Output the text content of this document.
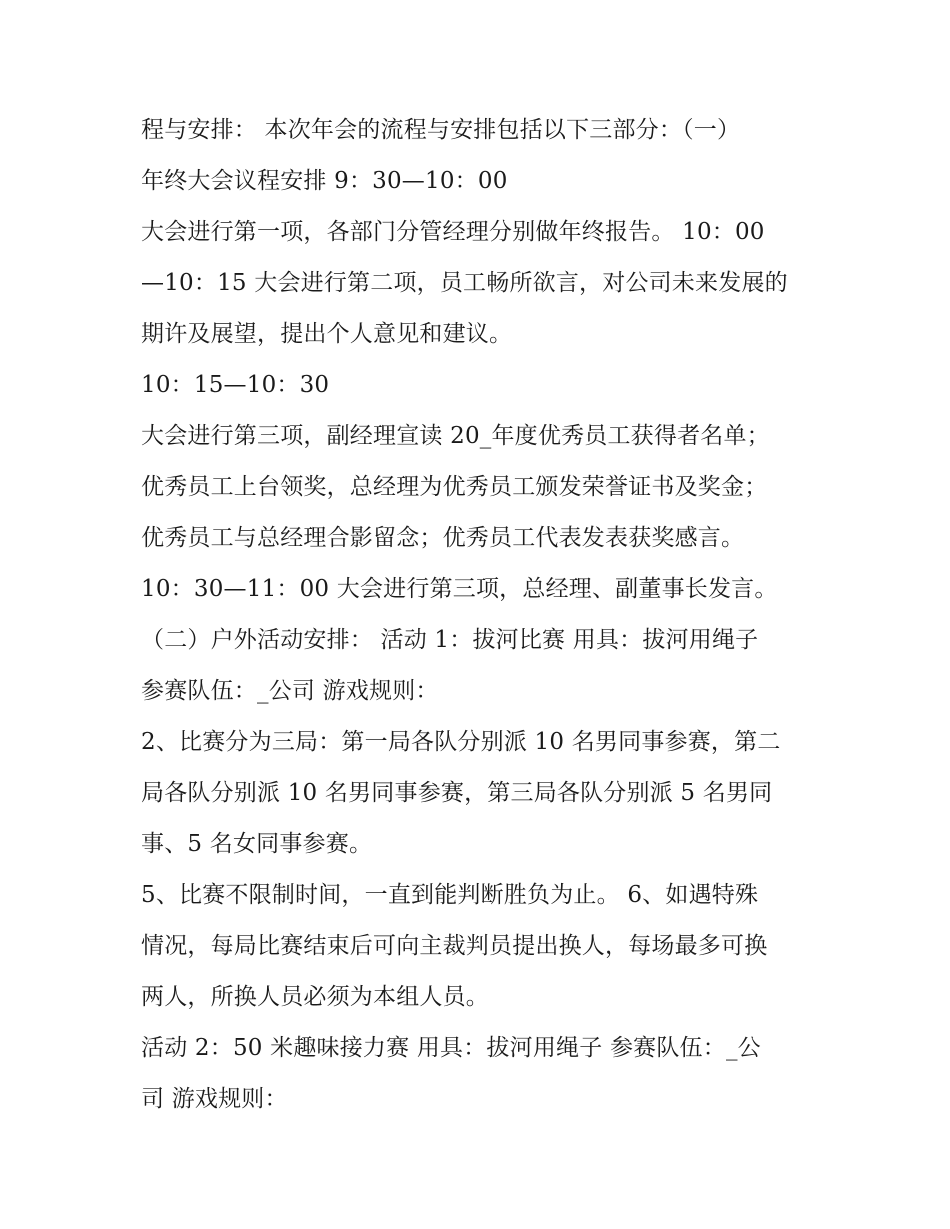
程与安排： 本次年会的流程与安排包括以下三部分：（一）
年终大会议程安排 9：30—10：00
大会进行第一项，各部门分管经理分别做年终报告。 10：00
—10：15 大会进行第二项，员工畅所欲言，对公司未来发展的
期许及展望，提出个人意见和建议。
10：15—10：30
大会进行第三项，副经理宣读 20_年度优秀员工获得者名单；
优秀员工上台领奖，总经理为优秀员工颁发荣誉证书及奖金；
优秀员工与总经理合影留念；优秀员工代表发表获奖感言。
10：30—11：00 大会进行第三项，总经理、副董事长发言。
（二）户外活动安排： 活动 1：拔河比赛 用具：拔河用绳子
参赛队伍：_公司 游戏规则：
2、比赛分为三局：第一局各队分别派 10 名男同事参赛，第二
局各队分别派 10 名男同事参赛，第三局各队分别派 5 名男同
事、5 名女同事参赛。
5、比赛不限制时间，一直到能判断胜负为止。 6、如遇特殊
情况，每局比赛结束后可向主裁判员提出换人，每场最多可换
两人，所换人员必须为本组人员。
活动 2：50 米趣味接力赛 用具：拔河用绳子 参赛队伍：_公
司 游戏规则：
